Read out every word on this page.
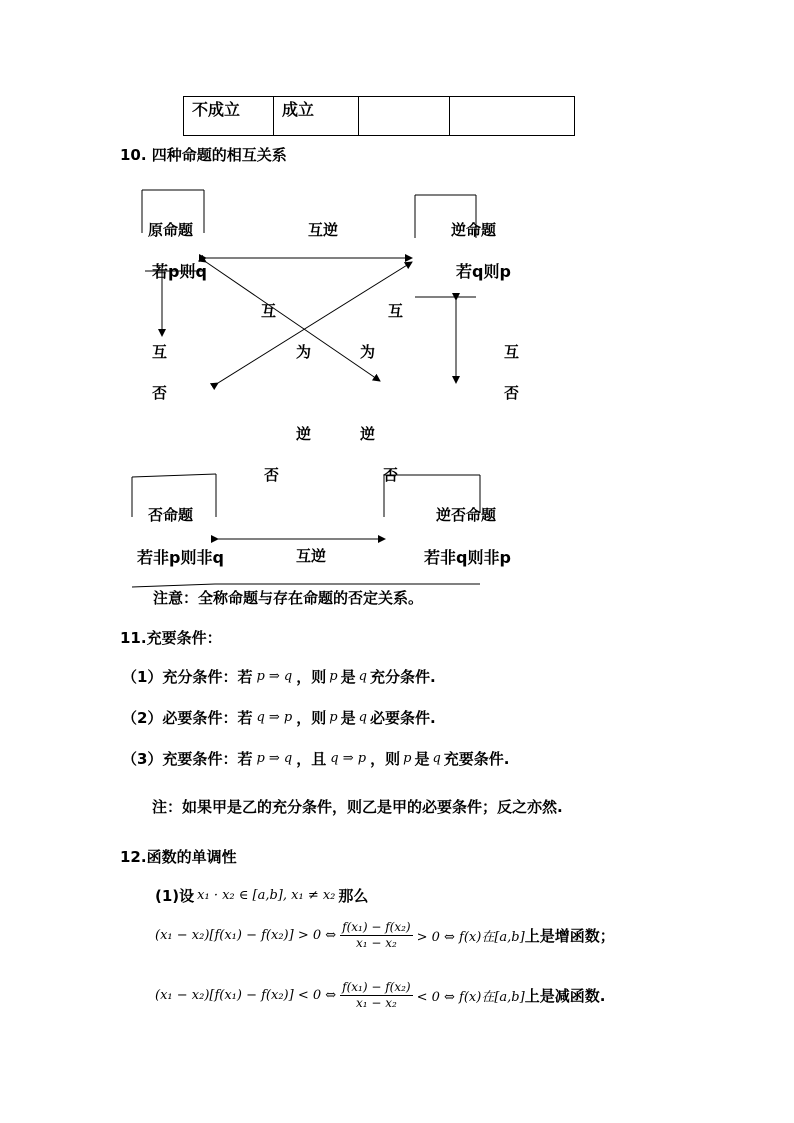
不成立	成立		
10. 四种命题的相互关系
原命题
若p则q
互逆	逆命题
若q则p
互
否
互
否
互
为
逆
否
互
为
逆
否
否命题
若非p则非q	互逆
逆否命题
若非q则非p
注意：全称命题与存在命题的否定关系。
11.充要条件：
（1）充分条件：若 p ⇒ q ，则 p 是 q 充分条件.
（2）必要条件：若 q ⇒ p ，则 p 是 q 必要条件.
（3）充要条件：若 p ⇒ q ，且 q ⇒ p ，则 p 是 q 充要条件.
注：如果甲是乙的充分条件，则乙是甲的必要条件；反之亦然.
12.函数的单调性
(1)设 x₁ · x₂ ∈ [a,b], x₁ ≠ x₂ 那么
(x₁ − x₂)[f(x₁) − f(x₂)] > 0 ⇔ $\frac{\text{f(x₁) − f(x₂)}}{\text{x₁ − x₂}} > 0$ ⇔ f(x)在[a,b] 上是增函数；
(x₁ − x₂)[f(x₁) − f(x₂)] < 0 ⇔ $\frac{\text{f(x₁) − f(x₂)}}{\text{x₁ − x₂}} < 0$ ⇔ f(x)在[a,b] 上是减函数.
